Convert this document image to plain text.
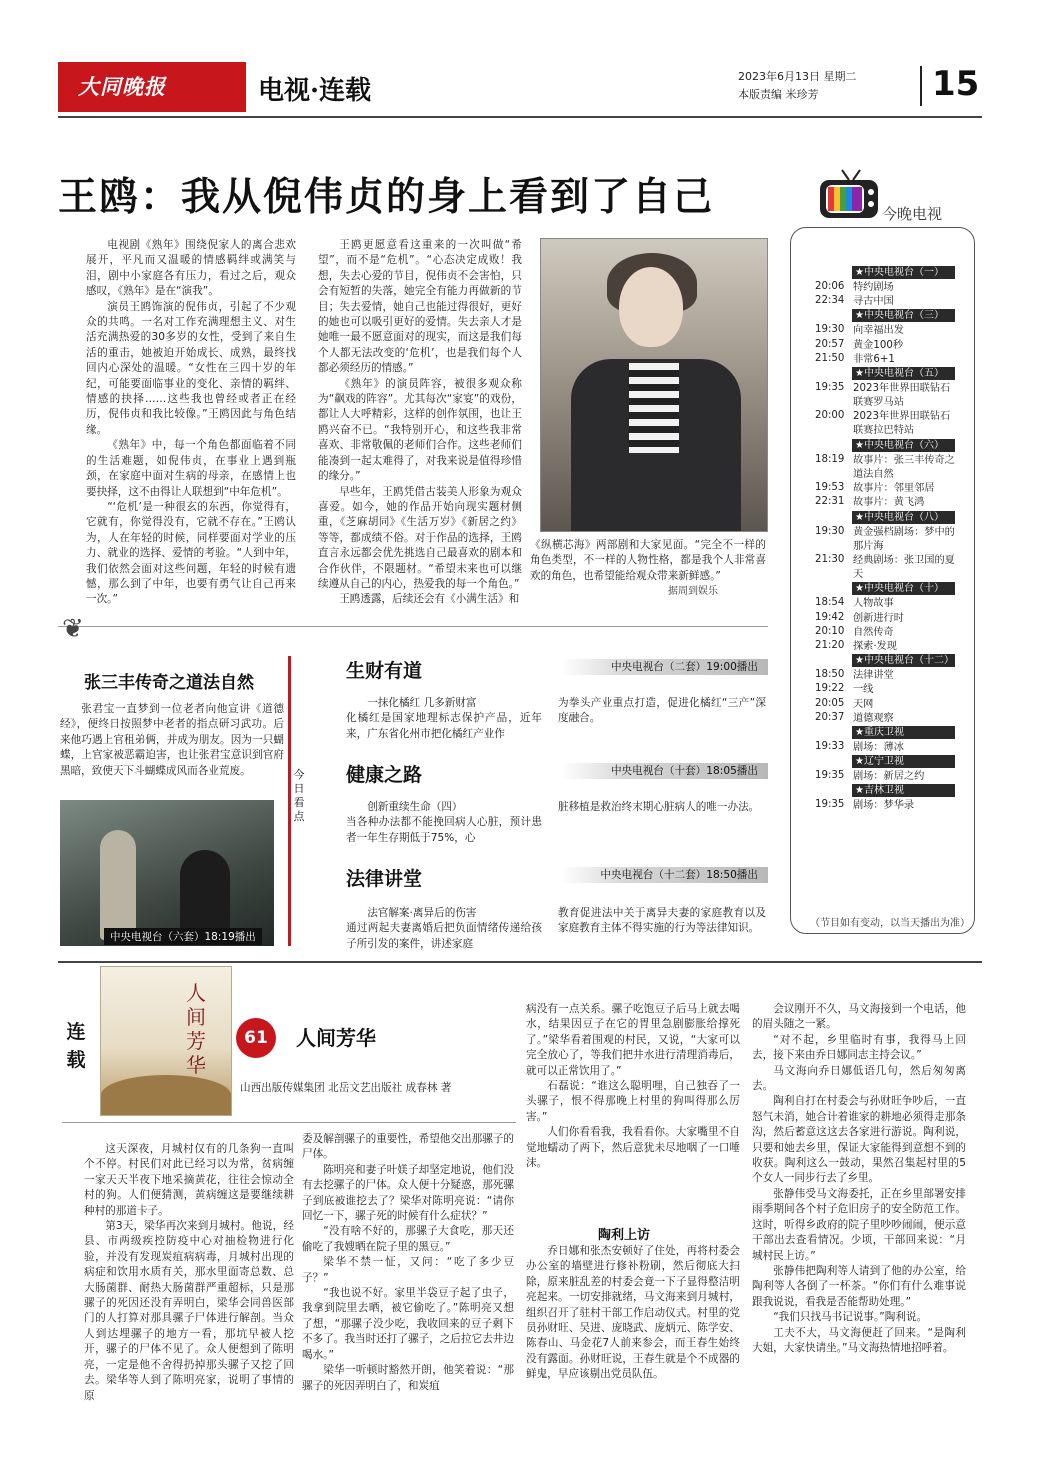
大同晚报	电视·连载	2023年6月13日 星期二
本版责编 米珍芳	15
王鸥：我从倪伟贞的身上看到了自己

电视剧《熟年》围绕倪家人的离合悲欢展开，平凡而又温暖的情感羁绊或满笑与泪，剧中小家庭各有压力，看过之后，观众感叹，《熟年》是在“演我”。

演员王鸥饰演的倪伟贞，引起了不少观众的共鸣。一名对工作充满理想主义、对生活充满热爱的30多岁的女性，受到了来自生活的重击，她被迫开始成长、成熟，最终找回内心深处的温暖。“女性在三四十岁的年纪，可能要面临事业的变化、亲情的羁绊、情感的抉择……这些我也曾经或者正在经历，倪伟贞和我比较像。”王鸥因此与角色结缘。

《熟年》中，每一个角色都面临着不同的生活难题，如倪伟贞，在事业上遇到瓶颈，在家庭中面对生病的母亲，在感情上也要抉择，这不由得让人联想到“中年危机”。

“‘危机’是一种很玄的东西，你觉得有，它就有，你觉得没有，它就不存在。”王鸥认为，人在年轻的时候，同样要面对学业的压力、就业的选择、爱情的考验。“人到中年，我们依然会面对这些问题，年轻的时候有遗憾，那么到了中年，也要有勇气让自己再来一次。”

王鸥更愿意看这重来的一次叫做“希望”，而不是“危机”。“心态决定成败！我想，失去心爱的节目，倪伟贞不会害怕，只会有短暂的失落，她完全有能力再做新的节目；失去爱情，她自己也能过得很好，更好的她也可以吸引更好的爱情。失去亲人才是她唯一最不愿意面对的现实，而这是我们每个人都无法改变的‘危机’，也是我们每个人都必须经历的情感。”

《熟年》的演员阵容，被很多观众称为“飙戏的阵容”。尤其每次“家宴”的戏份，都让人大呼精彩，这样的创作氛围，也让王鸥兴奋不已。“我特别开心，和这些我非常喜欢、非常敬佩的老师们合作。这些老师们能凑到一起太难得了，对我来说是值得珍惜的缘分。”

早些年，王鸥凭借古装美人形象为观众喜爱。如今，她的作品开始向现实题材侧重，《芝麻胡同》《生活万岁》《新居之约》等等，都成绩不俗。对于作品的选择，王鸥直言永远都会优先挑选自己最喜欢的剧本和合作伙伴，不限题材。“希望未来也可以继续遵从自己的内心，热爱我的每一个角色。”

王鸥透露，后续还会有《小满生活》和

《纵横芯海》两部剧和大家见面。“完全不一样的角色类型，不一样的人物性格，都是我个人非常喜欢的角色，也希望能给观众带来新鲜感。”

据周到娱乐
今晚电视
★中央电视台（一）
20:06 特约剧场
22:34 寻古中国
★中央电视台（三）
19:30 向幸福出发
20:57 黄金100秒
21:50 非常6+1
★中央电视台（五）
19:35 2023年世界田联钻石联赛罗马站
20:00 2023年世界田联钻石联赛拉巴特站
★中央电视台（六）
18:19 故事片：张三丰传奇之道法自然
19:53 故事片：邻里邻居
22:31 故事片：黄飞鸿
★中央电视台（八）
19:30 黄金强档剧场：梦中的那片海
21:30 经典剧场：张卫国的夏天
★中央电视台（十）
18:54 人物故事
19:42 创新进行时
20:10 自然传奇
21:20 探索·发现
★中央电视台（十二）
18:50 法律讲堂
19:22 一线
20:05 天网
20:37 道德观察
★重庆卫视
19:33 剧场：薄冰
★辽宁卫视
19:35 剧场：新居之约
★吉林卫视
19:35 剧场：梦华录
（节目如有变动，以当天播出为准）
❦
张三丰传奇之道法自然

张君宝一直梦到一位老者向他宣讲《道德经》，便终日按照梦中老者的指点研习武功。后来他巧遇上官租弟俩，并成为朋友。因为一只蝴蝶，上官家被恶霸迫害，也让张君宝意识到官府黑暗，致使天下斗蝴蝶成风而各业荒废。

中央电视台（六套）18:19播出
今日看点
生财有道	中央电视台（二套）19:00播出

一抹化橘红 几多新财富
化橘红是国家地理标志保护产品，近年来，广东省化州市把化橘红产业作

为拳头产业重点打造，促进化橘红“三产”深度融合。

健康之路	中央电视台（十套）18:05播出

创新重续生命（四）
当各种办法都不能挽回病人心脏，预计患者一年生存期低于75%，心

脏移植是救治终末期心脏病人的唯一办法。

法律讲堂	中央电视台（十二套）18:50播出

法官解案·离异后的伤害
通过两起夫妻离婚后把负面情绪传递给孩子所引发的案件，讲述家庭

教育促进法中关于离异夫妻的家庭教育以及家庭教育主体不得实施的行为等法律知识。

连载
人间芳华
61	人间芳华
山西出版传媒集团 北岳文艺出版社 成春林 著

这天深夜，月城村仅有的几条狗一直叫个不停。村民们对此已经习以为常，贫病缠一家天天半夜下地采摘黄花，往往会惊动全村的狗。人们便猜测，黄病缠这是要继续耕种村的那道卡子。

第3天，梁华再次来到月城村。他说，经县、市两级疾控防疫中心对抽检物进行化验，并没有发现炭疽病病毒，月城村出现的病症和饮用水质有关，那水里面寄总数、总大肠菌群、耐热大肠菌群严重超标，只是那骡子的死因还没有弄明白，梁华会同兽医部门的人打算对那具骡子尸体进行解剖。当众人到达埋骡子的地方一看，那坑早被人挖开，骡子的尸体不见了。众人便想到了陈明亮，一定是他不舍得扔掉那头骡子又挖了回去。梁华等人到了陈明亮家，说明了事情的原

委及解剖骡子的重要性，希望他交出那骡子的尸体。

陈明亮和妻子叶媄子却坚定地说，他们没有去挖骡子的尸体。众人便十分疑惑，那死骡子到底被谁挖去了？梁华对陈明亮说：“请你回忆一下，骡子死的时候有什么症状？”

“没有啥不好的，那骡子大食吃，那天还偷吃了我嫂晒在院子里的黑豆。”

梁华不禁一怔，又问：“吃了多少豆子？”

“我也说不好。家里半袋豆子起了虫子，我拿到院里去晒，被它偷吃了。”陈明亮又想了想，“那骡子没少吃，我收回来的豆子剩下不多了。我当时还打了骡子，之后拉它去井边喝水。”

梁华一听顿时豁然开朗，他笑着说：“那骡子的死因弄明白了，和炭疽

病没有一点关系。骡子吃饱豆子后马上就去喝水，结果因豆子在它的胃里急剧膨胀给撑死了。”梁华看着围观的村民，又说，“大家可以完全放心了，等我们把井水进行清理消毒后，就可以正常饮用了。”

石磊说：“谁这么聪明哩，自己独吞了一头骡子，恨不得那晚上村里的狗叫得那么厉害。”

人们你看看我，我看看你。大家嘴里不自觉地蠕动了两下，然后意犹未尽地咽了一口唾沫。

陶利上访

乔日娜和张杰安顿好了住处，再将村委会办公室的墙壁进行修补粉刷，然后彻底大扫除，原来脏乱差的村委会竟一下子显得整洁明亮起来。一切安排就绪，马文海来到月城村，组织召开了驻村干部工作启动仪式。村里的党员孙财旺、吴进、庞晓武、庞炳元、陈学安、陈春山、马金花7人前来参会，而王春生始终没有露面。孙财旺说，王春生就是个不成器的鲜鬼，早应该剔出党员队伍。

会议刚开不久，马文海接到一个电话，他的眉头随之一紧。

“对不起，乡里临时有事，我得马上回去，接下来由乔日娜同志主持会议。”

马文海向乔日娜低语几句，然后匆匆离去。

陶利自打在村委会与孙财旺争吵后，一直怒气未消，她合计着谁家的耕地必须得走那条沟，然后蓄意这这去各家进行游说。陶利说，只要和她去乡里，保证大家能得到意想不到的收获。陶利这么一鼓动，果然召集起村里的5个女人一同步行去了乡里。

张静伟受马文海委托，正在乡里部署安排雨季期间各个村子危旧房子的安全防范工作。这时，听得乡政府的院子里吵吵闹闹，便示意干部出去查看情况。少顷，干部回来说：“月城村民上访。”

张静伟把陶利等人请到了他的办公室，给陶利等人各倒了一杯茶。“你们有什么难事说跟我说说，看我是否能帮助处理。”

“我们只找马书记说事。”陶利说。

工夫不大，马文海便赶了回来。“是陶利大姐，大家快请坐。”马文海热情地招呼着。
